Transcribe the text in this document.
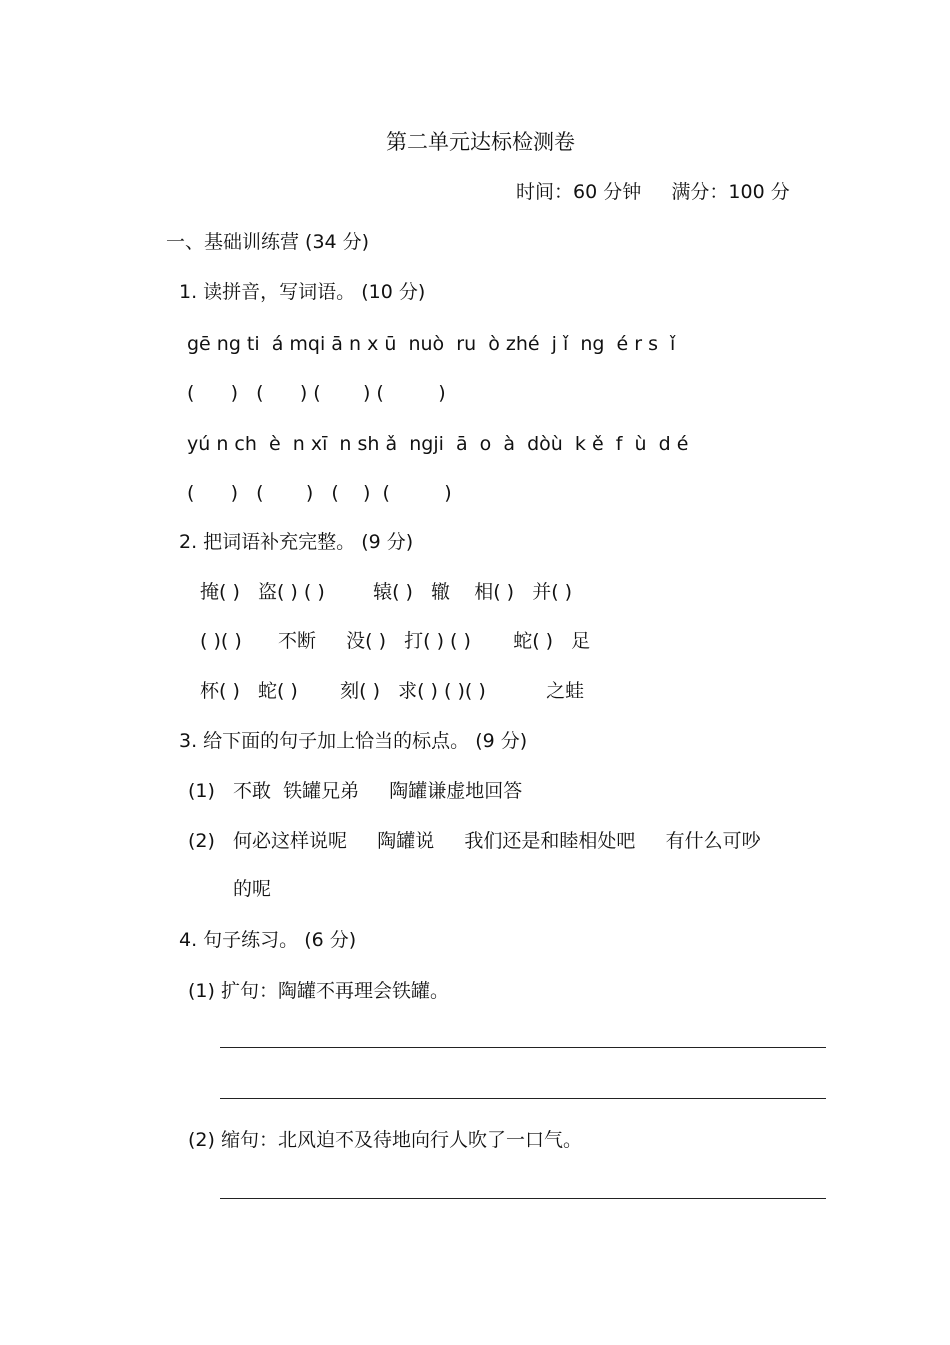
第二单元达标检测卷
时间：60 分钟     满分：100 分
一、基础训练营 (34 分)
1. 读拼音，写词语。 (10 分)
gē ng ti  á mqi ā n x ū  nuò  ru  ò zhé  j ǐ  ng  é r s  ǐ
(      )   (      ) (       ) (         )
yú n ch  è  n xī  n sh ǎ  ngji  ā  o  à  dòù  k ě  f  ù  d é
(      )   (       )   (    )  (         )
2. 把词语补充完整。 (9 分)
掩( )   盗( ) ( )        辕( )   辙    相( )   并( )
( )( )      不断     没( )   打( ) ( )       蛇( )   足
杯( )   蛇( )       刻( )   求( ) ( )( )          之蛙
3. 给下面的句子加上恰当的标点。 (9 分)
(1) 不敢  铁罐兄弟     陶罐谦虚地回答
(2) 何必这样说呢     陶罐说     我们还是和睦相处吧     有什么可吵
的呢
4. 句子练习。 (6 分)
(1) 扩句：陶罐不再理会铁罐。
(2) 缩句：北风迫不及待地向行人吹了一口气。
